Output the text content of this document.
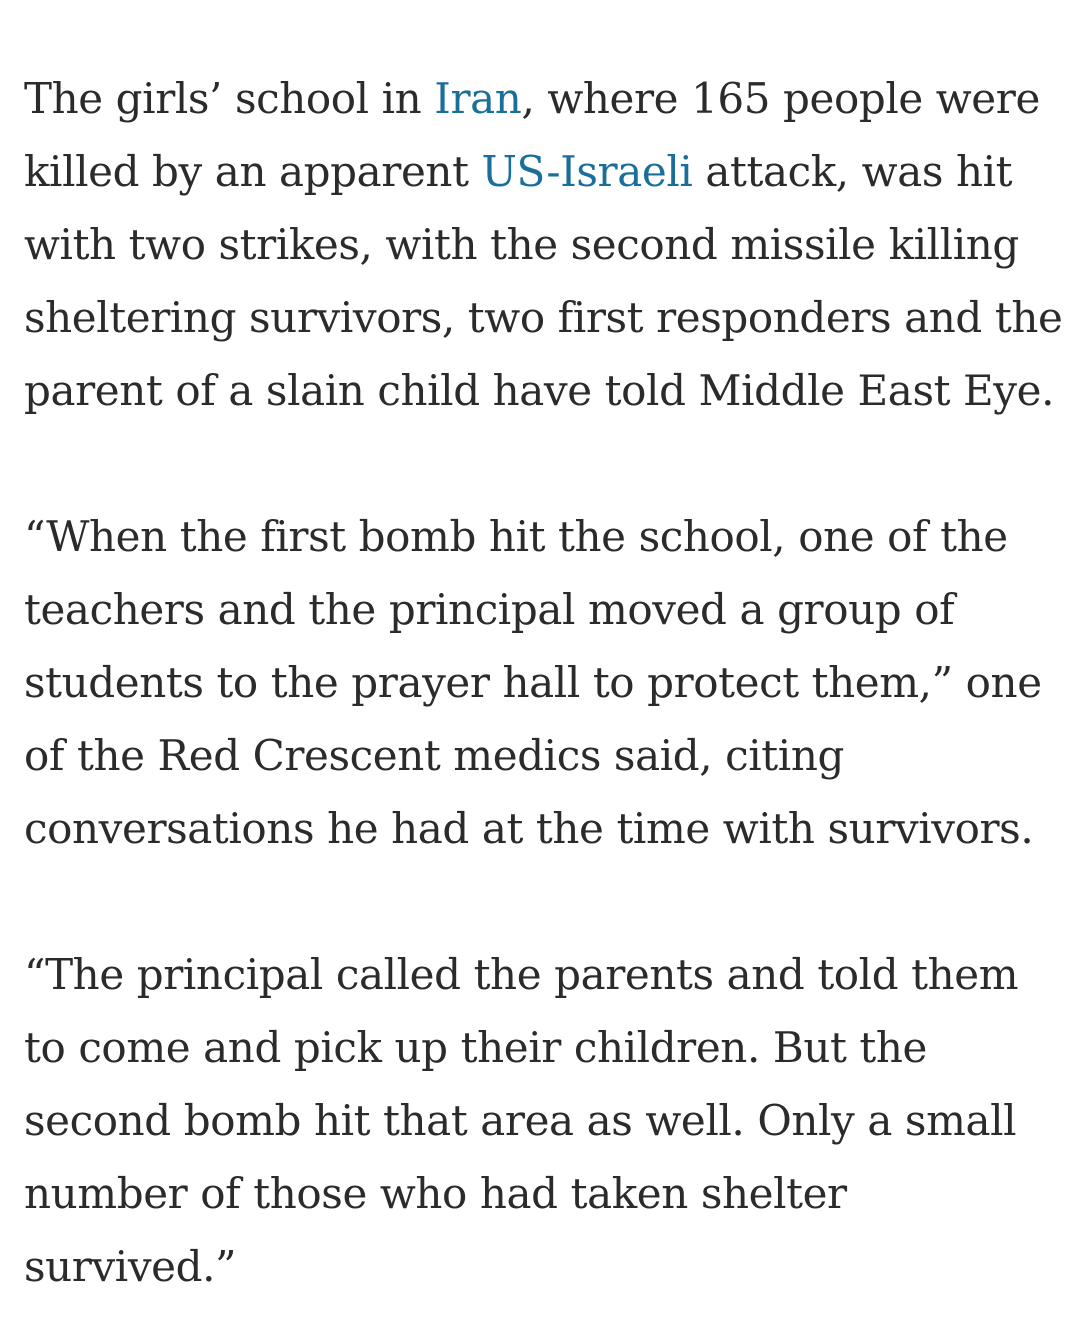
The girls’ school in Iran, where 165 people were killed by an apparent US-Israeli attack, was hit with two strikes, with the second missile killing sheltering survivors, two first responders and the parent of a slain child have told Middle East Eye.

“When the first bomb hit the school, one of the teachers and the principal moved a group of students to the prayer hall to protect them,” one of the Red Crescent medics said, citing conversations he had at the time with survivors.

“The principal called the parents and told them to come and pick up their children. But the second bomb hit that area as well. Only a small number of those who had taken shelter survived.”
